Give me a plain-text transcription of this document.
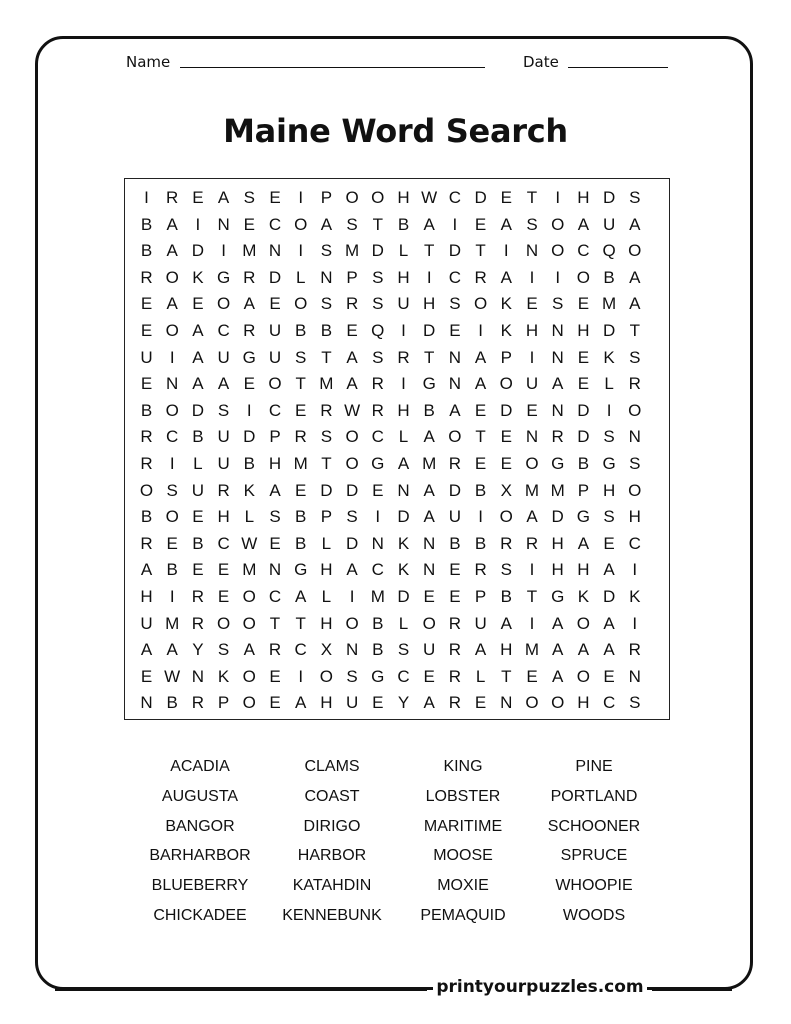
Name	Date
Maine Word Search
I	R E A S E	I	P O O H W C D E T	I	H D S
B A	I	N E C O A S T B A	I	E A S O A U A
B A D	I M N	I	S M D L T D T	I	N O C Q O
R O K G R D L N P S H	I	C R A	I	I O B A
E A E O A E O S R S U H S O K E S E M A
E O A C R U B B E Q I	D E	I	K H N H D T
U	I	A U G U S T A S R T N A P	I	N E K S
E N A A E O T M A R	I G N A O U A E L R
B O D S	I	C E R W R H B A E D E N D	I O
R C B U D P R S O C L A O T E N R D S N
R	I	L U B H M T O G A M R E E O G B G S
O S U R K A E D D E N A D B X M M P H O
B O E H L S B P S	I	D A U	I O A D G S H
R E B C W E B L D N K N B B R R H A E C
A B E E M N G H A C K N E R S	I	H H A	I
H	I	R E O C A L	I M D E E P B T G K D K
U M R O O T T H O B L O R U A	I	A O A	I
A A Y S A R C X N B S U R A H M A A A R
E W N K O E	I O S G C E R L T E A O E N
N B R P O E A H U E Y A R E N O O H C S
ACADIA	CLAMS	KING	PINE
AUGUSTA	COAST	LOBSTER	PORTLAND
BANGOR	DIRIGO	MARITIME	SCHOONER
BARHARBOR	HARBOR	MOOSE	SPRUCE
BLUEBERRY	KATAHDIN	MOXIE	WHOOPIE
CHICKADEE	KENNEBUNK	PEMAQUID	WOODS
printyourpuzzles.com
